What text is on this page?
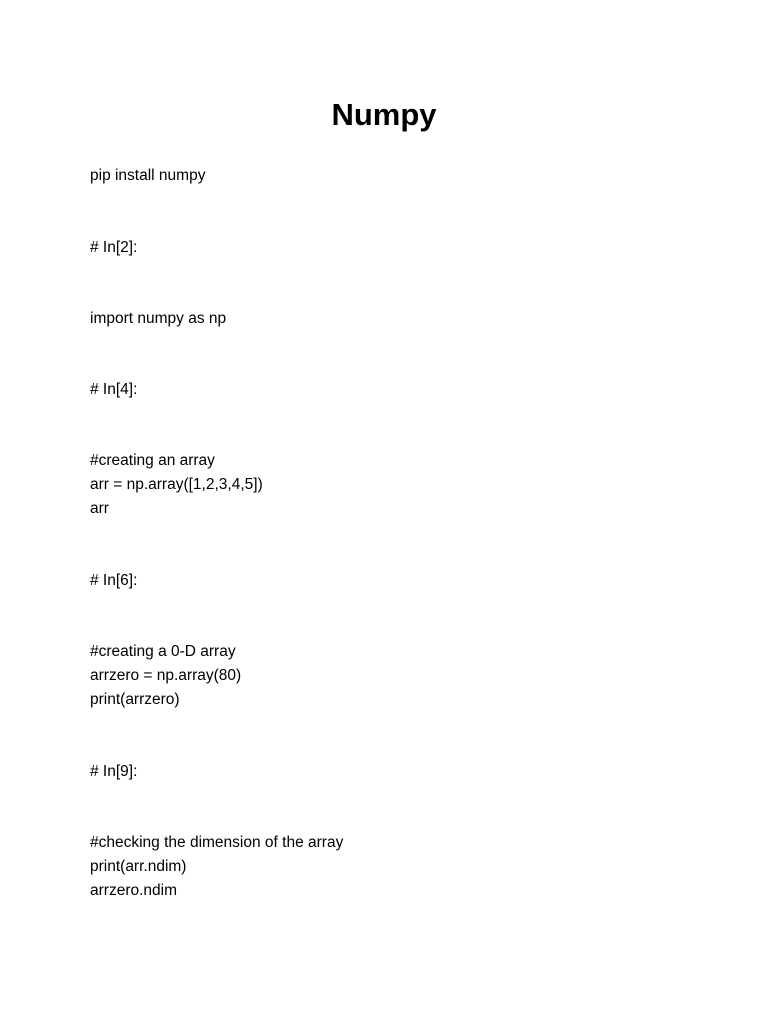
Numpy

pip install numpy

# In[2]:

import numpy as np

# In[4]:

#creating an array

arr = np.array([1,2,3,4,5])

arr

# In[6]:

#creating a 0-D array

arrzero = np.array(80)

print(arrzero)

# In[9]:

#checking the dimension of the array

print(arr.ndim)

arrzero.ndim
